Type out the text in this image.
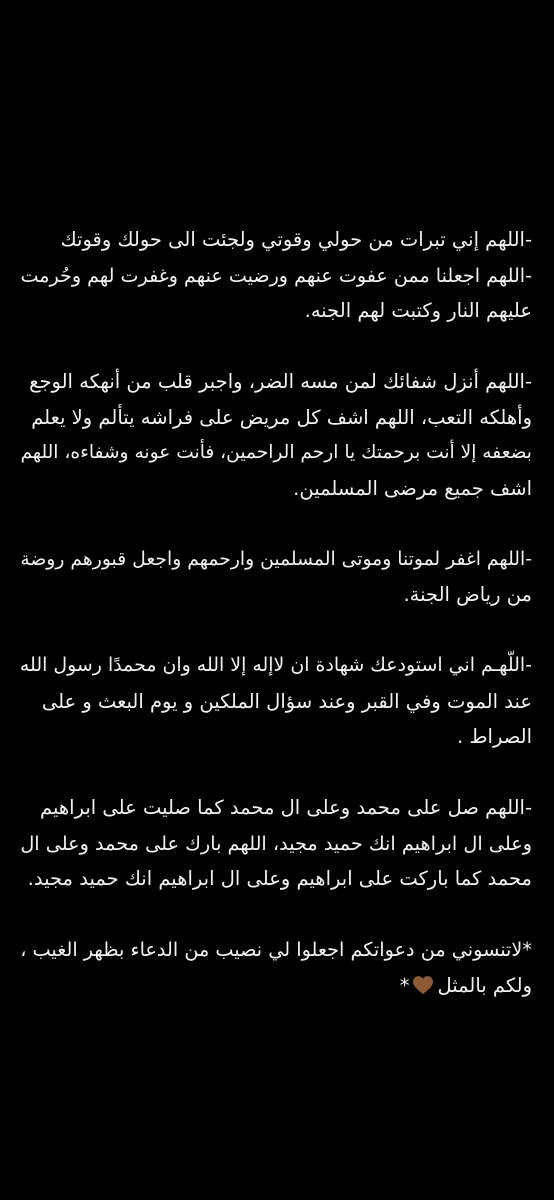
-اللهم إني تبرات من حولي وقوتي ولجئت الى حولك وقوتك
-اللهم اجعلنا ممن عفوت عنهم ورضيت عنهم وغفرت لهم وحُرمت
عليهم النار وكتبت لهم الجنه.
-اللهم أنزل شفائك لمن مسه الضر، واجبر قلب من أنهكه الوجع
وأهلكه التعب، اللهم اشف كل مريض على فراشه يتألم ولا يعلم
بضعفه إلا أنت برحمتك يا ارحم الراحمين، فأنت عونه وشفاءه، اللهم
اشف جميع مرضى المسلمين.
-اللهم اغفر لموتنا وموتى المسلمين وارحمهم واجعل قبورهم روضة
من رياض الجنة.
-اللّهـم اني استودعك شهادة ان لاإله إلا الله وان محمدًا رسول الله
عند الموت وفي القبر وعند سؤال الملكين و يوم البعث و على
الصراط .
-اللهم صل على محمد وعلى ال محمد كما صليت على ابراهيم
وعلى ال ابراهيم انك حميد مجيد، اللهم بارك على محمد وعلى ال
محمد كما باركت على ابراهيم وعلى ال ابراهيم انك حميد مجيد.
*لاتنسوني من دعواتكم اجعلوا لي نصيب من الدعاء بظهر الغيب ،
ولكم بالمثل*
